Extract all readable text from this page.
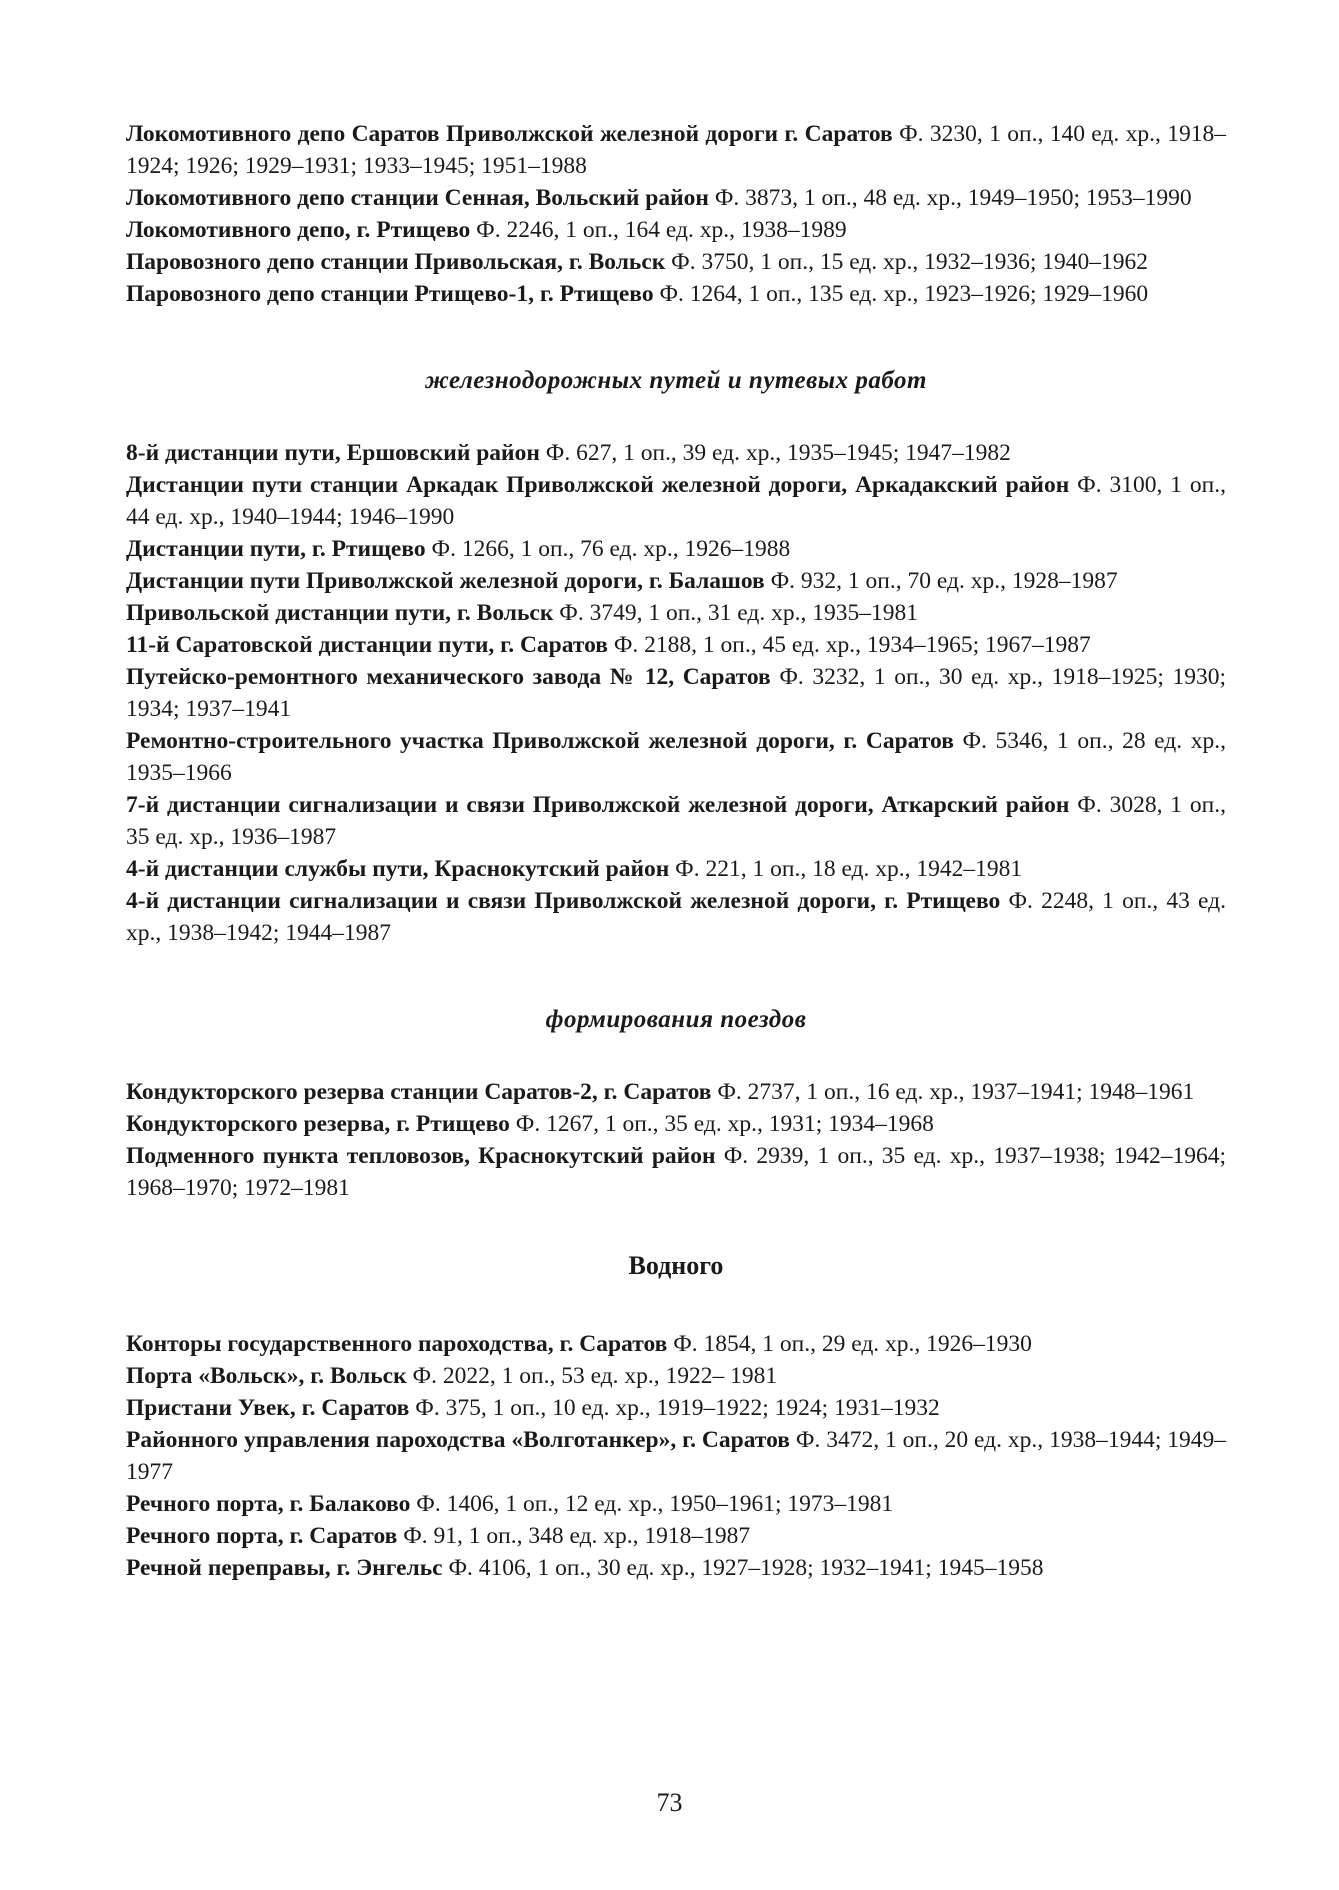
Локомотивного депо Саратов Приволжской железной дороги г. Саратов Ф. 3230, 1 оп., 140 ед. хр., 1918–1924; 1926; 1929–1931; 1933–1945; 1951–1988

Локомотивного депо станции Сенная, Вольский район Ф. 3873, 1 оп., 48 ед. хр., 1949–1950; 1953–1990

Локомотивного депо, г. Ртищево Ф. 2246, 1 оп., 164 ед. хр., 1938–1989

Паровозного депо станции Привольская, г. Вольск Ф. 3750, 1 оп., 15 ед. хр., 1932–1936; 1940–1962

Паровозного депо станции Ртищево-1, г. Ртищево Ф. 1264, 1 оп., 135 ед. хр., 1923–1926; 1929–1960

железнодорожных путей и путевых работ

8-й дистанции пути, Ершовский район Ф. 627, 1 оп., 39 ед. хр., 1935–1945; 1947–1982

Дистанции пути станции Аркадак Приволжской железной дороги, Аркадакский район Ф. 3100, 1 оп., 44 ед. хр., 1940–1944; 1946–1990

Дистанции пути, г. Ртищево Ф. 1266, 1 оп., 76 ед. хр., 1926–1988

Дистанции пути Приволжской железной дороги, г. Балашов Ф. 932, 1 оп., 70 ед. хр., 1928–1987

Привольской дистанции пути, г. Вольск Ф. 3749, 1 оп., 31 ед. хр., 1935–1981

11-й Саратовской дистанции пути, г. Саратов Ф. 2188, 1 оп., 45 ед. хр., 1934–1965; 1967–1987

Путейско-ремонтного механического завода № 12, Саратов Ф. 3232, 1 оп., 30 ед. хр., 1918–1925; 1930; 1934; 1937–1941

Ремонтно-строительного участка Приволжской железной дороги, г. Саратов Ф. 5346, 1 оп., 28 ед. хр., 1935–1966

7-й дистанции сигнализации и связи Приволжской железной дороги, Аткарский район Ф. 3028, 1 оп., 35 ед. хр., 1936–1987

4-й дистанции службы пути, Краснокутский район Ф. 221, 1 оп., 18 ед. хр., 1942–1981

4-й дистанции сигнализации и связи Приволжской железной дороги, г. Ртищево Ф. 2248, 1 оп., 43 ед. хр., 1938–1942; 1944–1987

формирования поездов

Кондукторского резерва станции Саратов-2, г. Саратов Ф. 2737, 1 оп., 16 ед. хр., 1937–1941; 1948–1961

Кондукторского резерва, г. Ртищево Ф. 1267, 1 оп., 35 ед. хр., 1931; 1934–1968

Подменного пункта тепловозов, Краснокутский район Ф. 2939, 1 оп., 35 ед. хр., 1937–1938; 1942–1964; 1968–1970; 1972–1981

Водного

Конторы государственного пароходства, г. Саратов Ф. 1854, 1 оп., 29 ед. хр., 1926–1930

Порта «Вольск», г. Вольск Ф. 2022, 1 оп., 53 ед. хр., 1922– 1981

Пристани Увек, г. Саратов Ф. 375, 1 оп., 10 ед. хр., 1919–1922; 1924; 1931–1932

Районного управления пароходства «Волготанкер», г. Саратов Ф. 3472, 1 оп., 20 ед. хр., 1938–1944; 1949–1977

Речного порта, г. Балаково Ф. 1406, 1 оп., 12 ед. хр., 1950–1961; 1973–1981

Речного порта, г. Саратов Ф. 91, 1 оп., 348 ед. хр., 1918–1987

Речной переправы, г. Энгельс Ф. 4106, 1 оп., 30 ед. хр., 1927–1928; 1932–1941; 1945–1958

73
